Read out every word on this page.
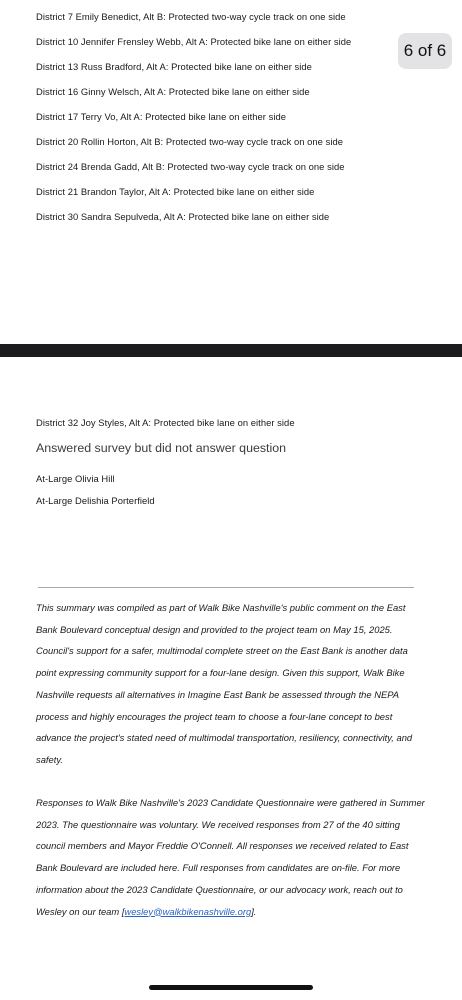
District 7 Emily Benedict, Alt B: Protected two-way cycle track on one side
District 10 Jennifer Frensley Webb, Alt A: Protected bike lane on either side
District 13 Russ Bradford, Alt A: Protected bike lane on either side
District 16 Ginny Welsch, Alt A: Protected bike lane on either side
District 17 Terry Vo, Alt A: Protected bike lane on either side
District 20 Rollin Horton, Alt B: Protected two-way cycle track on one side
District 24 Brenda Gadd, Alt B: Protected two-way cycle track on one side
District 21 Brandon Taylor, Alt A: Protected bike lane on either side
District 30 Sandra Sepulveda, Alt A: Protected bike lane on either side
District 32 Joy Styles, Alt A: Protected bike lane on either side
Answered survey but did not answer question
At-Large Olivia Hill
At-Large Delishia Porterfield

This summary was compiled as part of Walk Bike Nashville's public comment on the East Bank Boulevard conceptual design and provided to the project team on May 15, 2025. Council's support for a safer, multimodal complete street on the East Bank is another data point expressing community support for a four-lane design. Given this support, Walk Bike Nashville requests all alternatives in Imagine East Bank be assessed through the NEPA process and highly encourages the project team to choose a four-lane concept to best advance the project's stated need of multimodal transportation, resiliency, connectivity, and safety.

Responses to Walk Bike Nashville's 2023 Candidate Questionnaire were gathered in Summer 2023. The questionnaire was voluntary. We received responses from 27 of the 40 sitting council members and Mayor Freddie O'Connell. All responses we received related to East Bank Boulevard are included here. Full responses from candidates are on-file. For more information about the 2023 Candidate Questionnaire, or our advocacy work, reach out to Wesley on our team [wesley@walkbikenashville.org].

6 of 6
